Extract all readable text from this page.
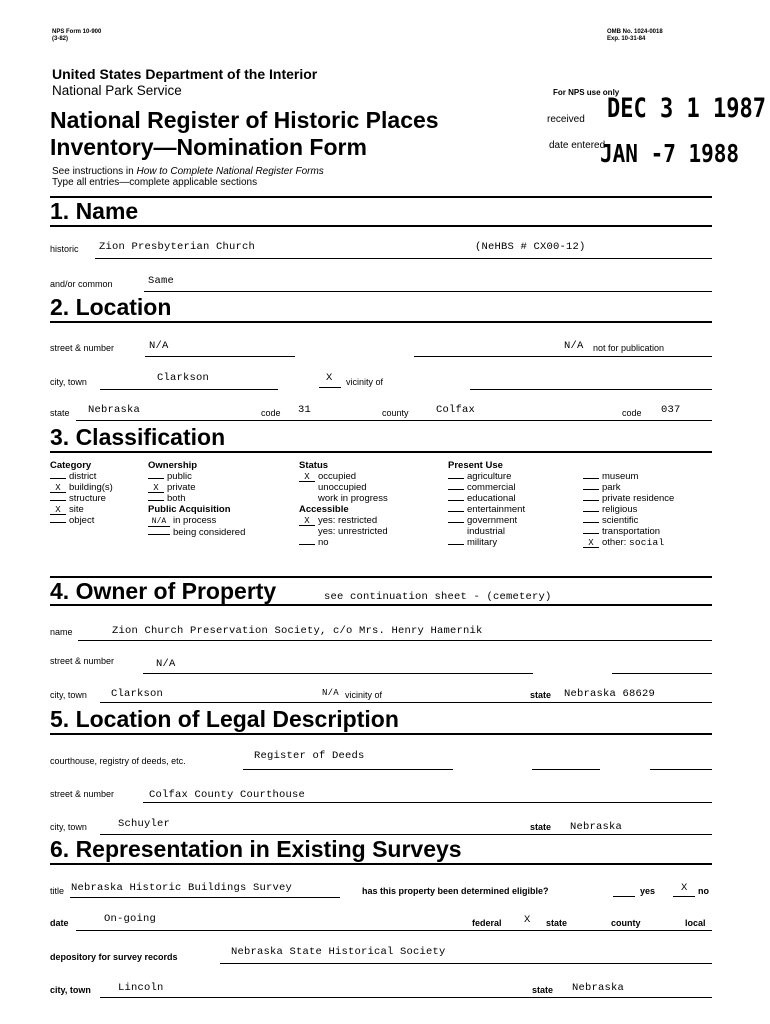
NPS Form 10-900
(3-82)
OMB No. 1024-0018
Exp. 10-31-84
United States Department of the Interior
National Park Service
National Register of Historic Places
Inventory—Nomination Form
See instructions in How to Complete National Register Forms
Type all entries—complete applicable sections
For NPS use only
received DEC 3 1 1987
date entered
JAN -7 1988
1. Name
historic Zion Presbyterian Church	(NeHBS # CX00-12)
and/or common	Same
2. Location
street & number	N/A	N/A not for publication
city, town	Clarkson	X vicinity of
state Nebraska	code 31	county	Colfax	code 037
3. Classification
Category
district
X building(s)
structure
X site
object
Ownership
public
X private
both
Public Acquisition
N/A in process
being considered
Status
X occupied
unoccupied
work in progress
Accessible
X yes: restricted
yes: unrestricted
no
Present Use
agriculture
commercial
educational
entertainment
government
industrial
military
museum
park
private residence
religious
scientific
transportation
X other: social
4. Owner of Property	see continuation sheet - (cemetery)
name	Zion Church Preservation Society, c/o Mrs. Henry Hamernik
street & number	N/A
city, town Clarkson	N/A vicinity of	state Nebraska 68629
5. Location of Legal Description
courthouse, registry of deeds, etc.	Register of Deeds
street & number	Colfax County Courthouse
city, town	Schuyler	state Nebraska
6. Representation in Existing Surveys
title Nebraska Historic Buildings Survey	has this property been determined eligible?	yes X no
date	On-going	federal X state	county	local
depository for survey records	Nebraska State Historical Society
city, town	Lincoln	state Nebraska
